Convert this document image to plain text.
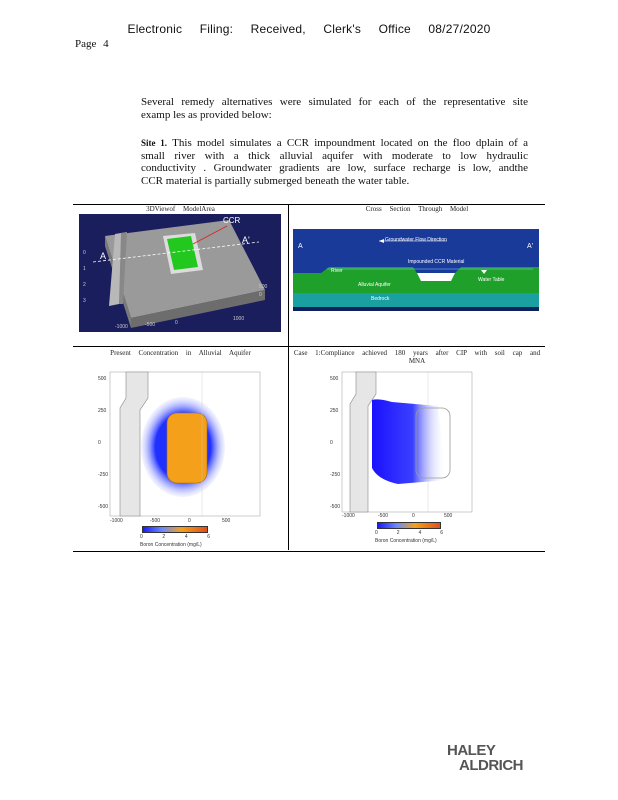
Electronic Filing: Received, Clerk's Office 08/27/2020
Page 4
Several remedy alternatives were simulated for each of the representative site
examp les as provided below:
Site 1. This model simulates a CCR impoundment located on the floo dplain of a
small river with a thick alluvial aquifer with moderate to low hydraulic
conductivity . Groundwater gradients are low, surface recharge is low, andthe
CCR material is partially submerged beneath the water table.
3DViewof ModelArea
0
1
2
3
-1000	-500	0
1000
500
0
CCR
A
A'
Cross Section Through Model
A	A'
Groundwater Flow Direction
Impounded CCR Material
River
Water Table
Alluvial Aquifer
Bedrock
Present Concentration in Alluvial Aquifer
500
250
0
-250
-500
-1000	-500	0	500
0	2	4	6
Boron Concentration (mg/L)
Case 1:Compliance achieved 180 years after CIP with soil cap and
MNA
500
250
0
-250
-500
-1000	-500	0	500
0	2	4	6
Boron Concentration (mg/L)
HALEY
ALDRICH
